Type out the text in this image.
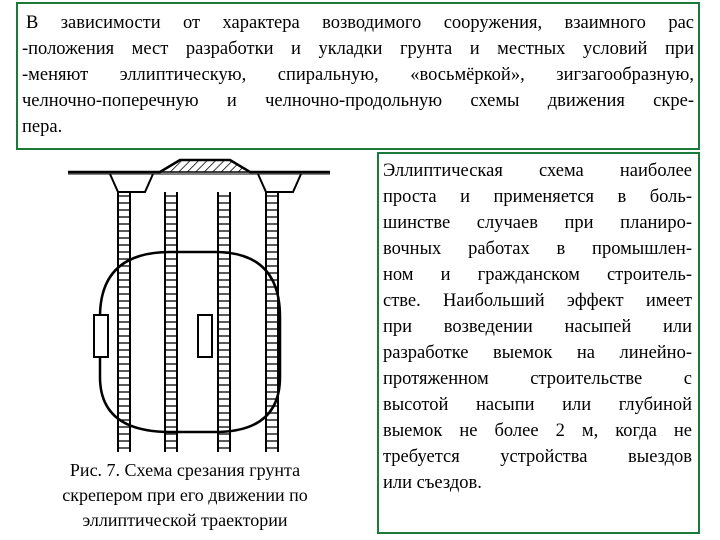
В зависимости от характера возводимого сооружения, взаимного рас

-положения мест разработки и укладки грунта и местных условий при

-меняют эллиптическую, спиральную, «восьмёркой», зигзагообразную,

челночно-поперечную и челночно-продольную схемы движения скре-

пера.

Рис. 7. Схема срезания грунта

скрепером при его движении по

эллиптической траектории

Эллиптическая схема наиболее

проста и применяется в боль-

шинстве случаев при планиро-

вочных работах в промышлен-

ном и гражданском строитель-

стве. Наибольший эффект имеет

при возведении насыпей или

разработке выемок на линейно-

протяженном строительстве с

высотой насыпи или глубиной

выемок не более 2 м, когда не

требуется устройства выездов

или съездов.
